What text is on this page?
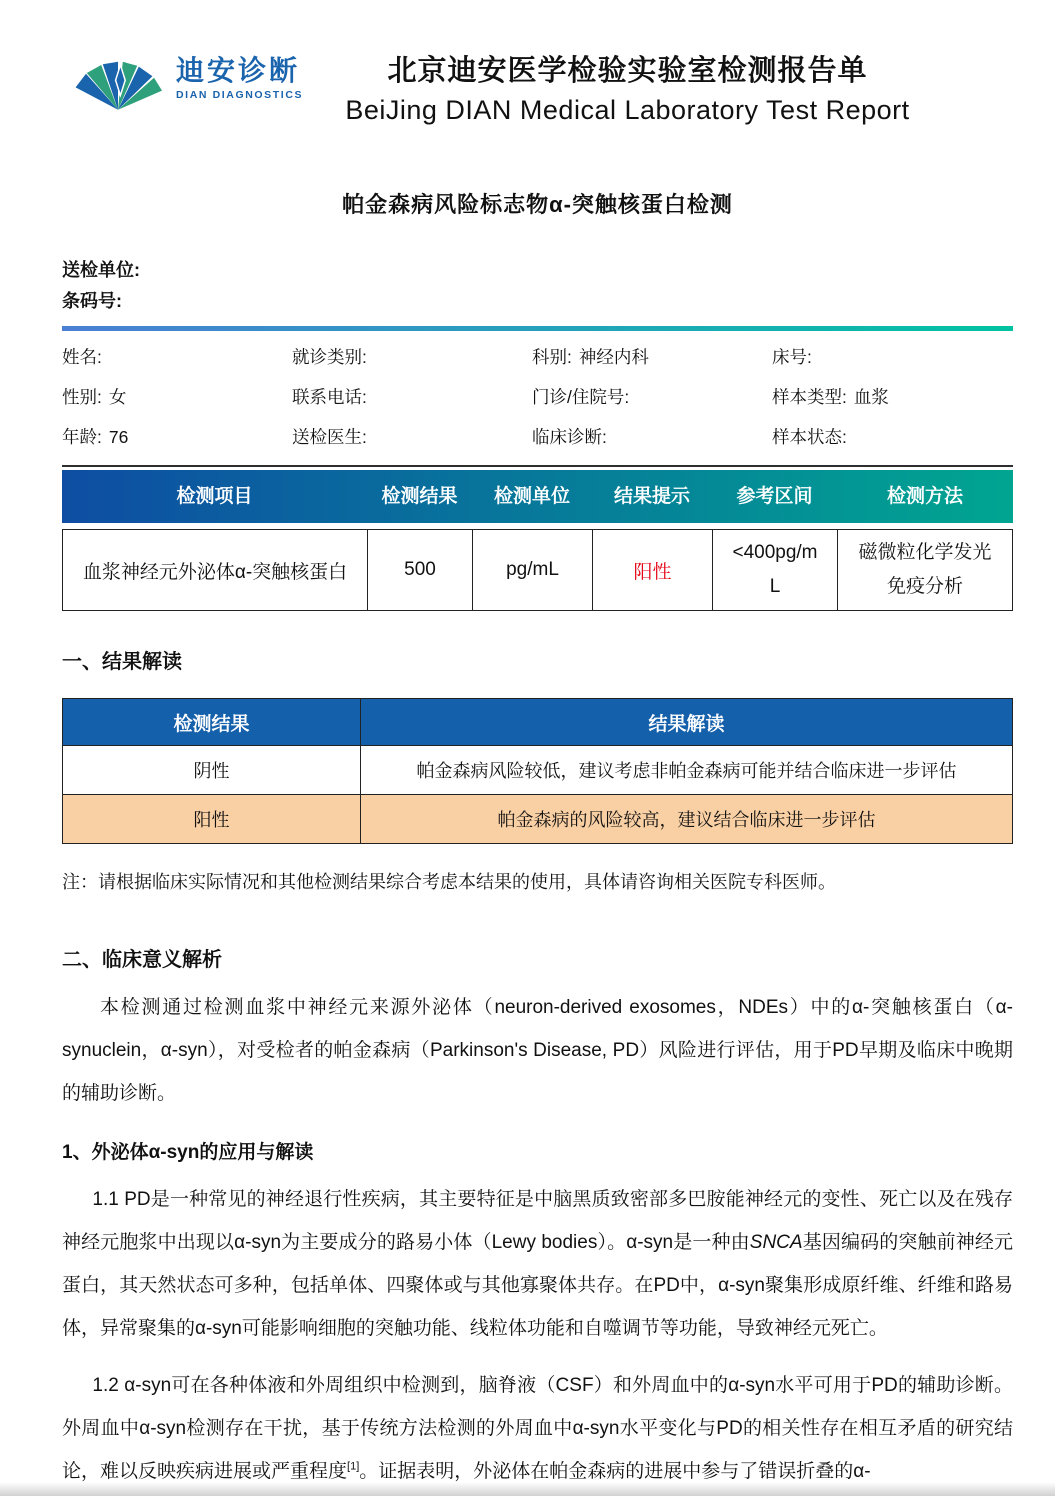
迪安诊断
DIAN DIAGNOSTICS
北京迪安医学检验实验室检测报告单
BeiJing DIAN Medical Laboratory Test Report
帕金森病风险标志物α-突触核蛋白检测
送检单位:
条码号:
姓名:	就诊类别:	科别: 神经内科	床号:
性别: 女	联系电话:	门诊/住院号:	样本类型: 血浆
年龄: 76	送检医生:	临床诊断:	样本状态:
检测项目	检测结果	检测单位	结果提示	参考区间	检测方法
血浆神经元外泌体α-突触核蛋白	500	pg/mL	阳性	<400pg/mL	磁微粒化学发光免疫分析
一、结果解读
检测结果	结果解读
阴性	帕金森病风险较低，建议考虑非帕金森病可能并结合临床进一步评估
阳性	帕金森病的风险较高，建议结合临床进一步评估
注：请根据临床实际情况和其他检测结果综合考虑本结果的使用，具体请咨询相关医院专科医师。
二、临床意义解析

本检测通过检测血浆中神经元来源外泌体（neuron-derived exosomes，NDEs）中的α-突触核蛋白（α-synuclein，α-syn），对受检者的帕金森病（Parkinson's Disease, PD）风险进行评估，用于PD早期及临床中晚期的辅助诊断。

1、外泌体α-syn的应用与解读

1.1 PD是一种常见的神经退行性疾病，其主要特征是中脑黑质致密部多巴胺能神经元的变性、死亡以及在残存神经元胞浆中出现以α-syn为主要成分的路易小体（Lewy bodies）。α-syn是一种由SNCA基因编码的突触前神经元蛋白，其天然状态可多种，包括单体、四聚体或与其他寡聚体共存。在PD中，α-syn聚集形成原纤维、纤维和路易体，异常聚集的α-syn可能影响细胞的突触功能、线粒体功能和自噬调节等功能，导致神经元死亡。

1.2 α-syn可在各种体液和外周组织中检测到，脑脊液（CSF）和外周血中的α-syn水平可用于PD的辅助诊断。外周血中α-syn检测存在干扰，基于传统方法检测的外周血中α-syn水平变化与PD的相关性存在相互矛盾的研究结论，难以反映疾病进展或严重程度[1]。证据表明，外泌体在帕金森病的进展中参与了错误折叠的α-
